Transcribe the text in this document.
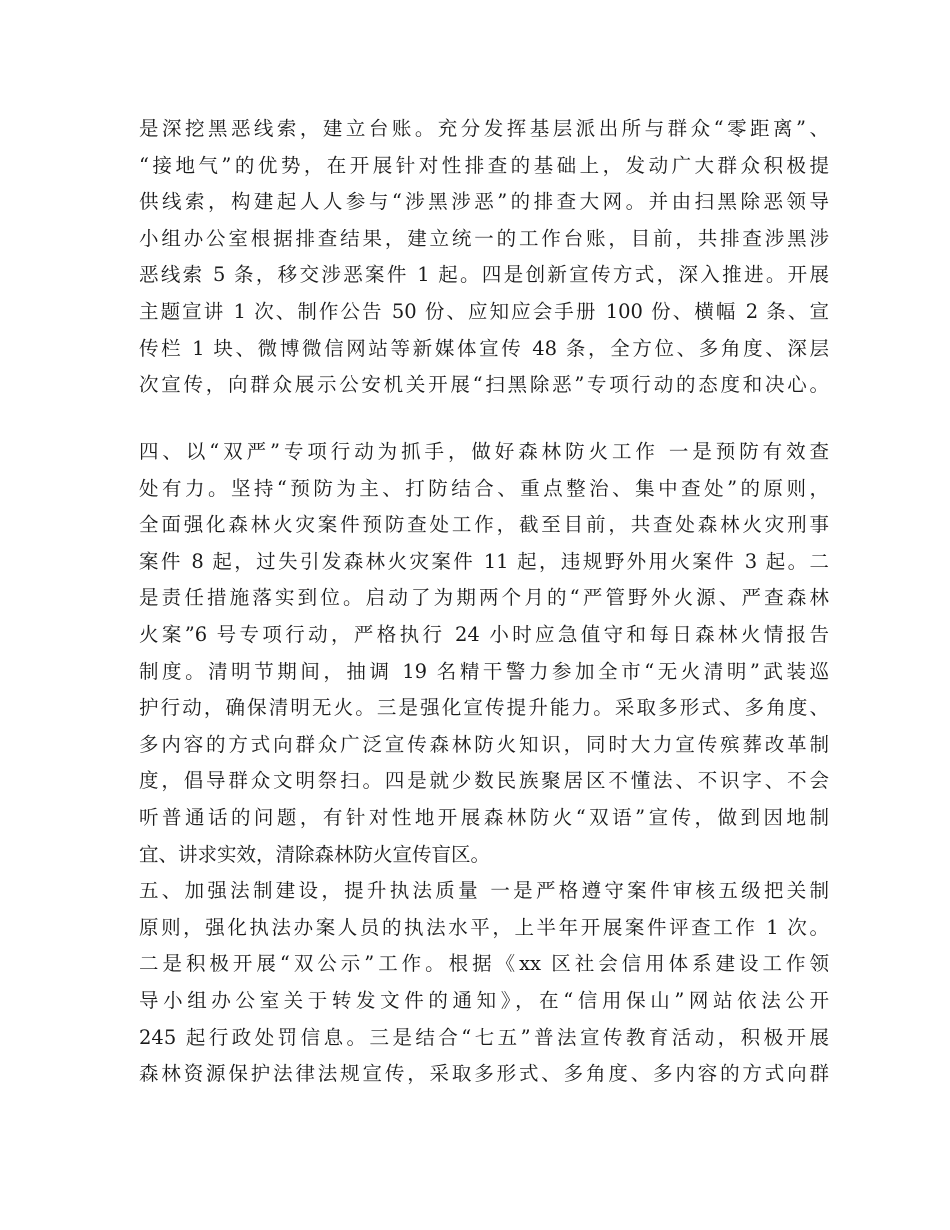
是深挖黑恶线索，建立台账。充分发挥基层派出所与群众“零距离”、
“接地气”的优势，在开展针对性排查的基础上，发动广大群众积极提
供线索，构建起人人参与“涉黑涉恶”的排查大网。并由扫黑除恶领导
小组办公室根据排查结果，建立统一的工作台账，目前，共排查涉黑涉
恶线索 5 条，移交涉恶案件 1 起。四是创新宣传方式，深入推进。开展
主题宣讲 1 次、制作公告 50 份、应知应会手册 100 份、横幅 2 条、宣
传栏 1 块、微博微信网站等新媒体宣传 48 条，全方位、多角度、深层
次宣传，向群众展示公安机关开展“扫黑除恶”专项行动的态度和决心。
四、以“双严”专项行动为抓手，做好森林防火工作 一是预防有效查
处有力。坚持“预防为主、打防结合、重点整治、集中查处”的原则，
全面强化森林火灾案件预防查处工作，截至目前，共查处森林火灾刑事
案件 8 起，过失引发森林火灾案件 11 起，违规野外用火案件 3 起。二
是责任措施落实到位。启动了为期两个月的“严管野外火源、严查森林
火案”6 号专项行动，严格执行 24 小时应急值守和每日森林火情报告
制度。清明节期间，抽调 19 名精干警力参加全市“无火清明”武装巡
护行动，确保清明无火。三是强化宣传提升能力。采取多形式、多角度、
多内容的方式向群众广泛宣传森林防火知识，同时大力宣传殡葬改革制
度，倡导群众文明祭扫。四是就少数民族聚居区不懂法、不识字、不会
听普通话的问题，有针对性地开展森林防火“双语”宣传，做到因地制
宜、讲求实效，清除森林防火宣传盲区。
五、加强法制建设，提升执法质量 一是严格遵守案件审核五级把关制
原则，强化执法办案人员的执法水平，上半年开展案件评查工作 1 次。
二是积极开展“双公示”工作。根据《xx 区社会信用体系建设工作领
导小组办公室关于转发文件的通知》，在“信用保山”网站依法公开
245 起行政处罚信息。三是结合“七五”普法宣传教育活动，积极开展
森林资源保护法律法规宣传，采取多形式、多角度、多内容的方式向群
